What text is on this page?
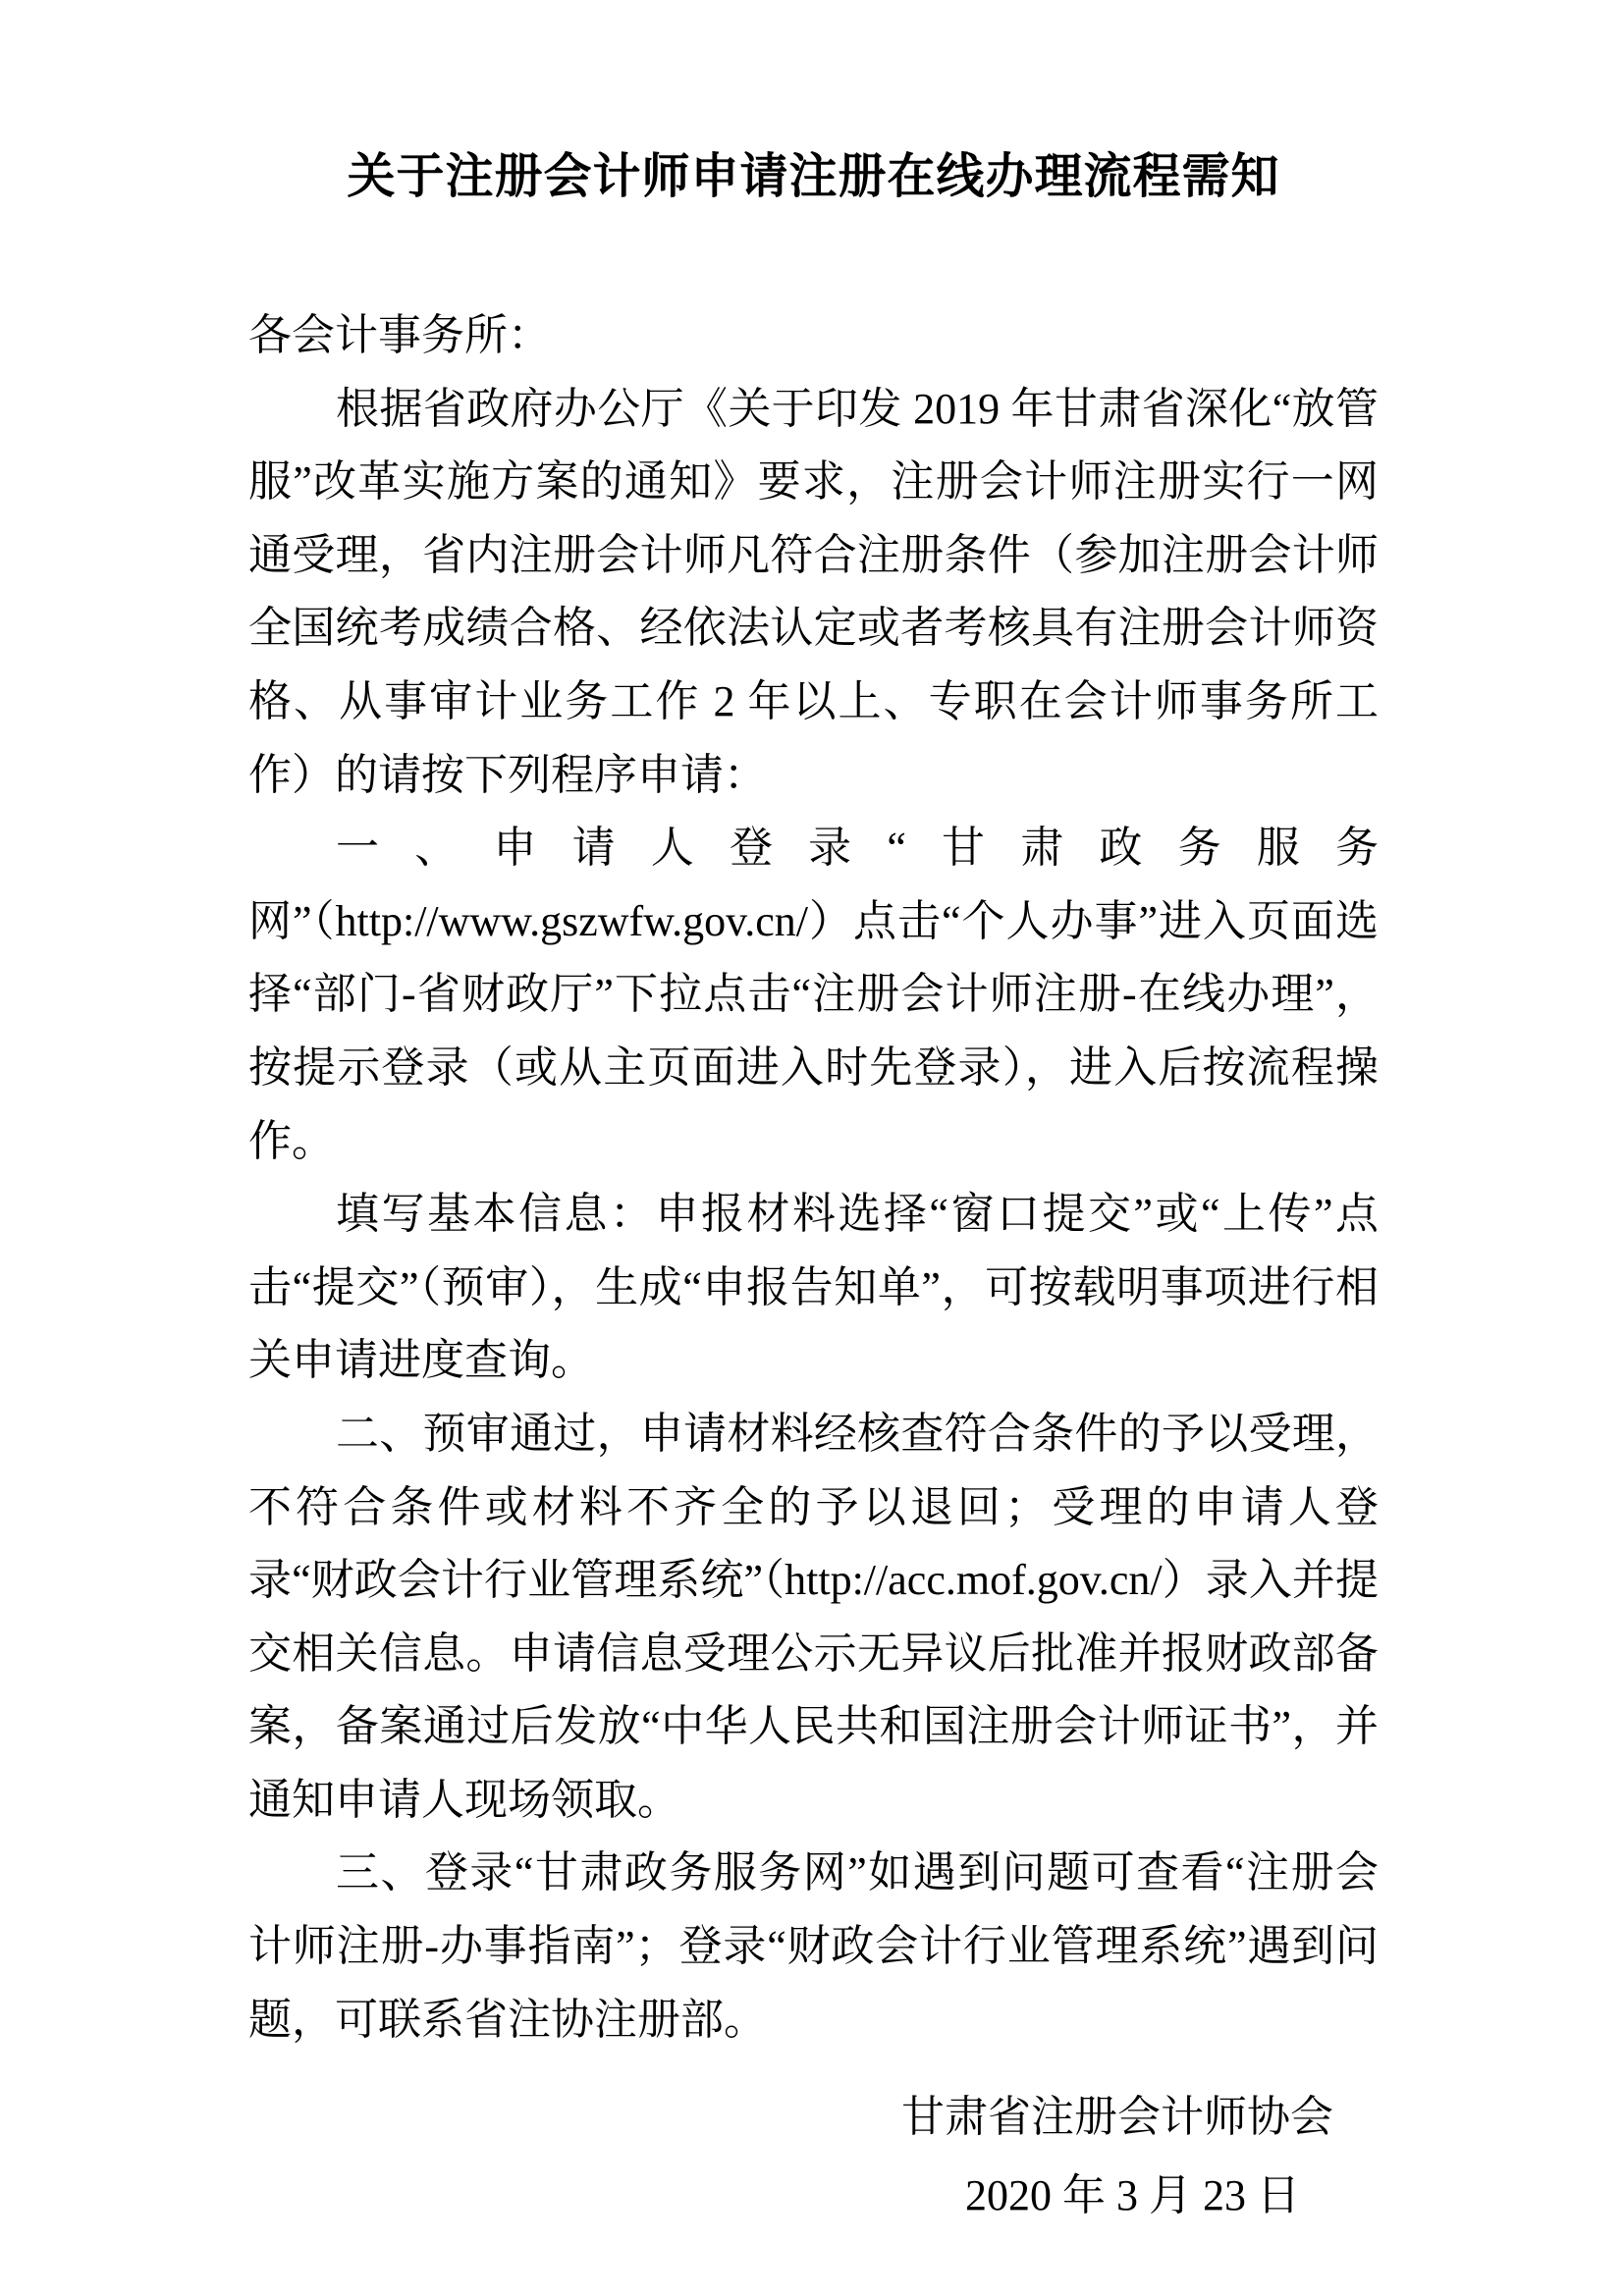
关于注册会计师申请注册在线办理流程需知

各会计事务所：

根据省政府办公厅《关于印发 2019 年甘肃省深化“放管服”改革实施方案的通知》要求，注册会计师注册实行一网通受理，省内注册会计师凡符合注册条件（参加注册会计师全国统考成绩合格、经依法认定或者考核具有注册会计师资格、从事审计业务工作 2 年以上、专职在会计师事务所工作）的请按下列程序申请：

一、申请人登录“甘肃政务服务网”（http://www.gszwfw.gov.cn/）点击“个人办事”进入页面选择“部门-省财政厅”下拉点击“注册会计师注册-在线办理”，按提示登录（或从主页面进入时先登录），进入后按流程操作。

填写基本信息：申报材料选择“窗口提交”或“上传”点击“提交”（预审），生成“申报告知单”，可按载明事项进行相关申请进度查询。

二、预审通过，申请材料经核查符合条件的予以受理，不符合条件或材料不齐全的予以退回；受理的申请人登录“财政会计行业管理系统”（http://acc.mof.gov.cn/）录入并提交相关信息。申请信息受理公示无异议后批准并报财政部备案，备案通过后发放“中华人民共和国注册会计师证书”，并通知申请人现场领取。

三、登录“甘肃政务服务网”如遇到问题可查看“注册会计师注册-办事指南”；登录“财政会计行业管理系统”遇到问题，可联系省注协注册部。

甘肃省注册会计师协会
2020 年 3 月 23 日
